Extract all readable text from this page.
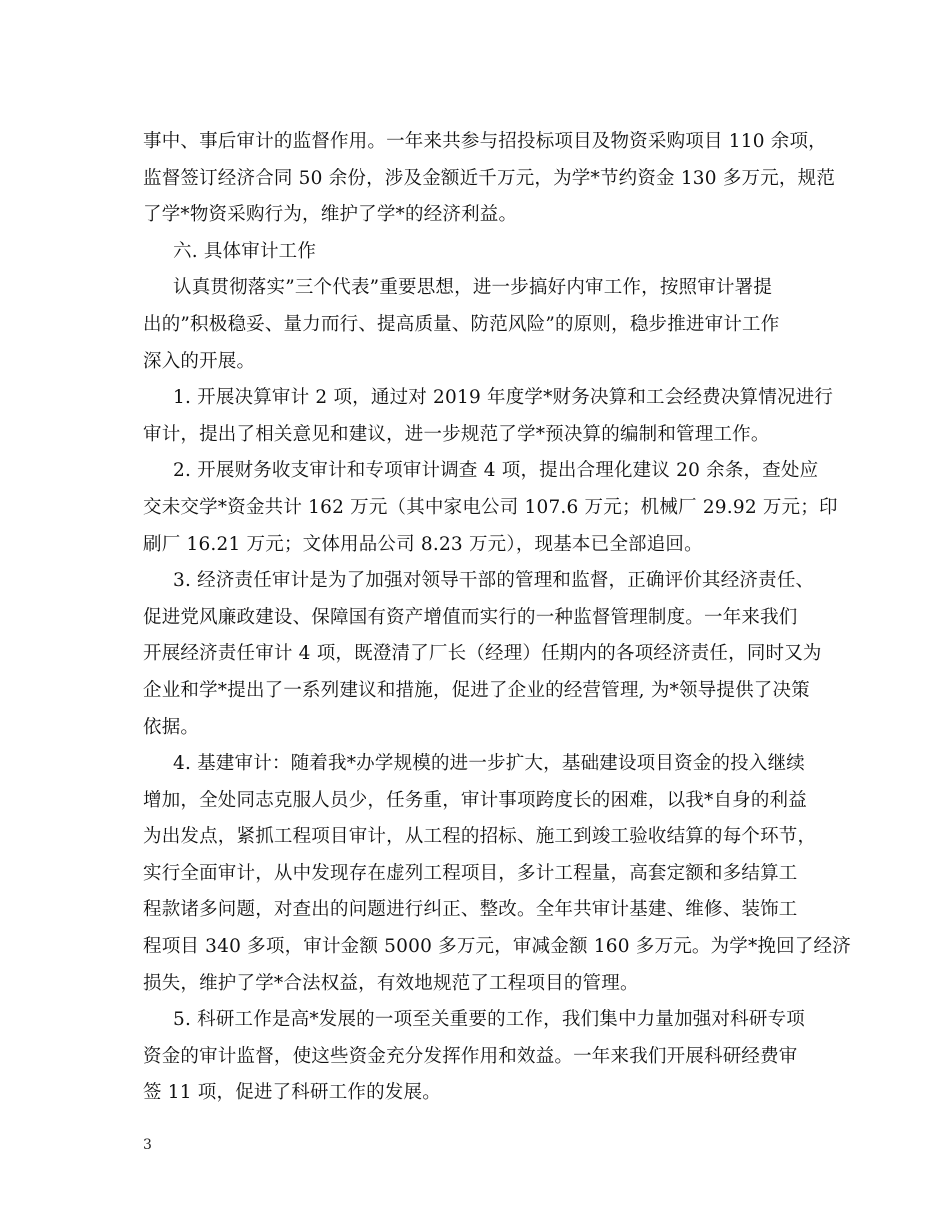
事中、事后审计的监督作用。一年来共参与招投标项目及物资采购项目 110 余项，
监督签订经济合同 50 余份，涉及金额近千万元，为学*节约资金 130 多万元，规范
了学*物资采购行为，维护了学*的经济利益。
六. 具体审计工作
认真贯彻落实”三个代表”重要思想，进一步搞好内审工作，按照审计署提
出的”积极稳妥、量力而行、提高质量、防范风险”的原则，稳步推进审计工作
深入的开展。
1. 开展决算审计 2 项，通过对 2019 年度学*财务决算和工会经费决算情况进行
审计，提出了相关意见和建议，进一步规范了学*预决算的编制和管理工作。
2. 开展财务收支审计和专项审计调查 4 项，提出合理化建议 20 余条，查处应
交未交学*资金共计 162 万元（其中家电公司 107.6 万元；机械厂 29.92 万元；印
刷厂 16.21 万元；文体用品公司 8.23 万元），现基本已全部追回。
3. 经济责任审计是为了加强对领导干部的管理和监督，正确评价其经济责任、
促进党风廉政建设、保障国有资产增值而实行的一种监督管理制度。一年来我们
开展经济责任审计 4 项，既澄清了厂长（经理）任期内的各项经济责任，同时又为
企业和学*提出了一系列建议和措施，促进了企业的经营管理, 为*领导提供了决策
依据。
4. 基建审计：随着我*办学规模的进一步扩大，基础建设项目资金的投入继续
增加，全处同志克服人员少，任务重，审计事项跨度长的困难，以我*自身的利益
为出发点，紧抓工程项目审计，从工程的招标、施工到竣工验收结算的每个环节，
实行全面审计，从中发现存在虚列工程项目，多计工程量，高套定额和多结算工
程款诸多问题，对查出的问题进行纠正、整改。全年共审计基建、维修、装饰工
程项目 340 多项，审计金额 5000 多万元，审减金额 160 多万元。为学*挽回了经济
损失，维护了学*合法权益，有效地规范了工程项目的管理。
5. 科研工作是高*发展的一项至关重要的工作，我们集中力量加强对科研专项
资金的审计监督，使这些资金充分发挥作用和效益。一年来我们开展科研经费审
签 11 项，促进了科研工作的发展。
3
